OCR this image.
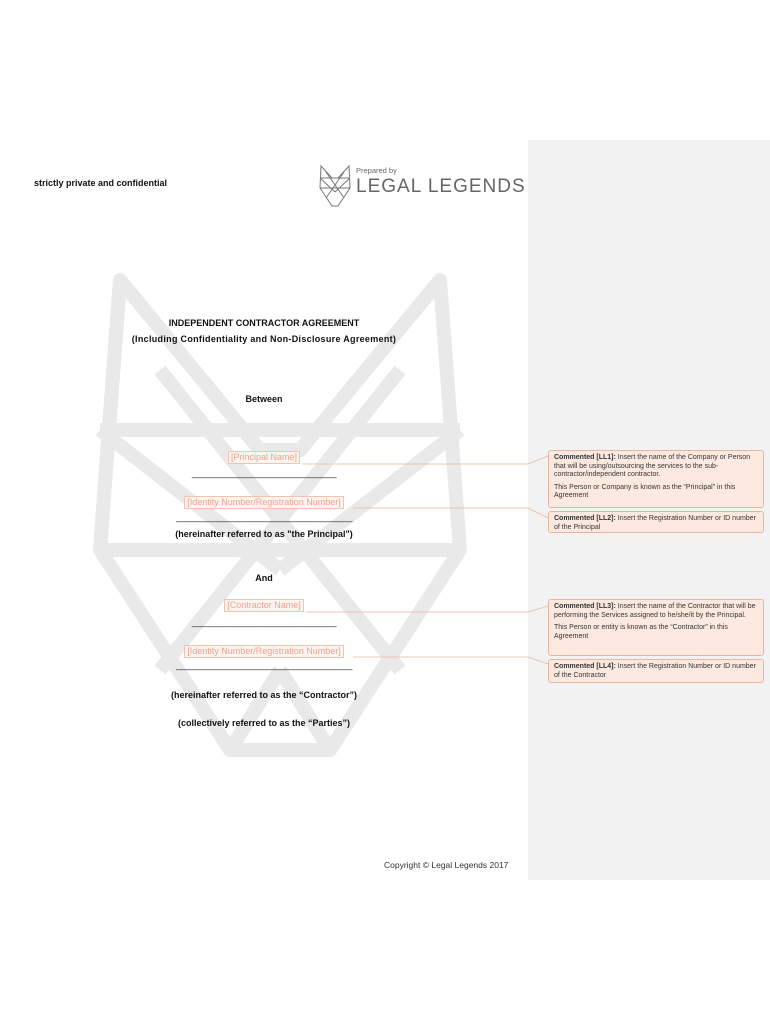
strictly private and confidential
Prepared by
LEGAL LEGENDS
INDEPENDENT CONTRACTOR AGREEMENT
(Including Confidentiality and Non-Disclosure Agreement)
Between
[Principal Name]
________________________________
[Identity Number/Registration Number]
_______________________________________
(hereinafter referred to as "the Principal")
And
[Contractor Name]
________________________________
[Identity Number/Registration Number]
_______________________________________
(hereinafter referred to as the “Contractor”)
(collectively referred to as the “Parties”)
Copyright © Legal Legends 2017

Commented [LL1]: Insert the name of the Company or Person that will be using/outsourcing the services to the sub-contractor/independent contractor.

This Person or Company is known as the “Principal” in this Agreement

Commented [LL2]: Insert the Registration Number or ID number of the Principal

Commented [LL3]: Insert the name of the Contractor that will be performing the Services assigned to he/she/it by the Principal.

This Person or entity is known as the “Contractor” in this Agreement

Commented [LL4]: Insert the Registration Number or ID number of the Contractor
